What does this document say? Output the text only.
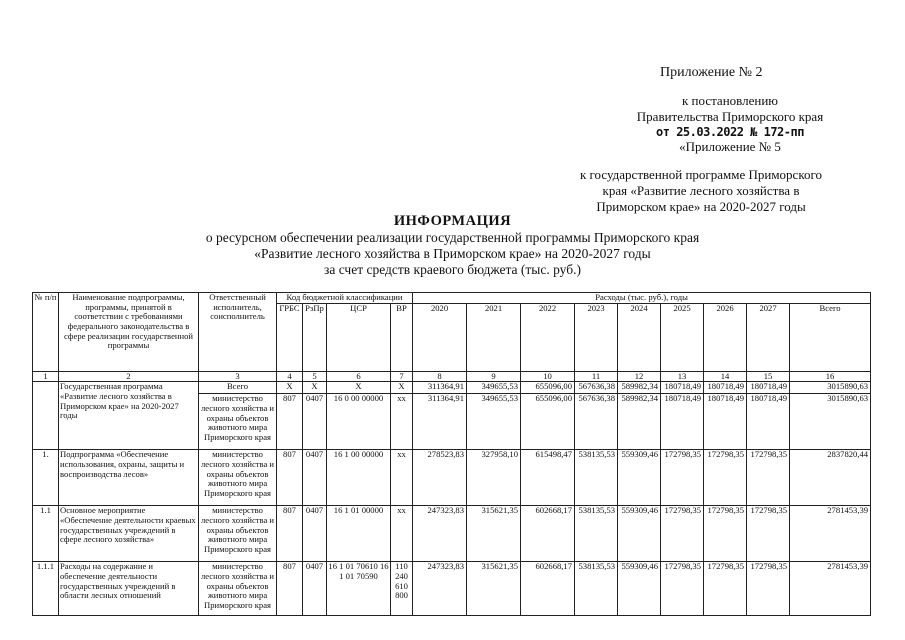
Приложение № 2
к постановлению
Правительства Приморского края
от 25.03.2022 № 172-пп
«Приложение № 5
к государственной программе Приморского
края «Развитие лесного хозяйства в
Приморском крае» на 2020-2027 годы
ИНФОРМАЦИЯ
о ресурсном обеспечении реализации государственной программы Приморского края
«Развитие лесного хозяйства в Приморском крае» на 2020-2027 годы
за счет средств краевого бюджета (тыс. руб.)
№ п/п	Наименование подпрограммы, программы, принятой в соответствии с требованиями федерального законодательства в сфере реализации государственной программы	Ответственный исполнитель, соисполнитель	Код бюджетной классификации				Расходы (тыс. руб.), годы								
			ГРБС	РзПр	ЦСР	ВР	2020	2021	2022	2023	2024	2025	2026	2027	Всего
1	2	3	4	5	6	7	8	9	10	11	12	13	14	15	16
	Государственная программа «Развитие лесного хозяйства в Приморском крае» на 2020-2027 годы	Всего	Х	Х	Х	Х	311364,91	349655,53	655096,00	567636,38	589982,34	180718,49	180718,49	180718,49	3015890,63
		министерство лесного хозяйства и охраны объектов животного мира Приморского края	807	0407	16 0 00 00000	хх	311364,91	349655,53	655096,00	567636,38	589982,34	180718,49	180718,49	180718,49	3015890,63
1.	Подпрограмма «Обеспечение использования, охраны, защиты и воспроизводства лесов»	министерство лесного хозяйства и охраны объектов животного мира Приморского края	807	0407	16 1 00 00000	хх	278523,83	327958,10	615498,47	538135,53	559309,46	172798,35	172798,35	172798,35	2837820,44
1.1	Основное мероприятие «Обеспечение деятельности краевых государственных учреждений в сфере лесного хозяйства»	министерство лесного хозяйства и охраны объектов животного мира Приморского края	807	0407	16 1 01 00000	хх	247323,83	315621,35	602668,17	538135,53	559309,46	172798,35	172798,35	172798,35	2781453,39
1.1.1	Расходы на содержание и обеспечение деятельности государственных учреждений в области лесных отношений	министерство лесного хозяйства и охраны объектов животного мира Приморского края	807	0407	16 1 01 70610 16 1 01 70590	110 240 610 800	247323,83	315621,35	602668,17	538135,53	559309,46	172798,35	172798,35	172798,35	2781453,39
